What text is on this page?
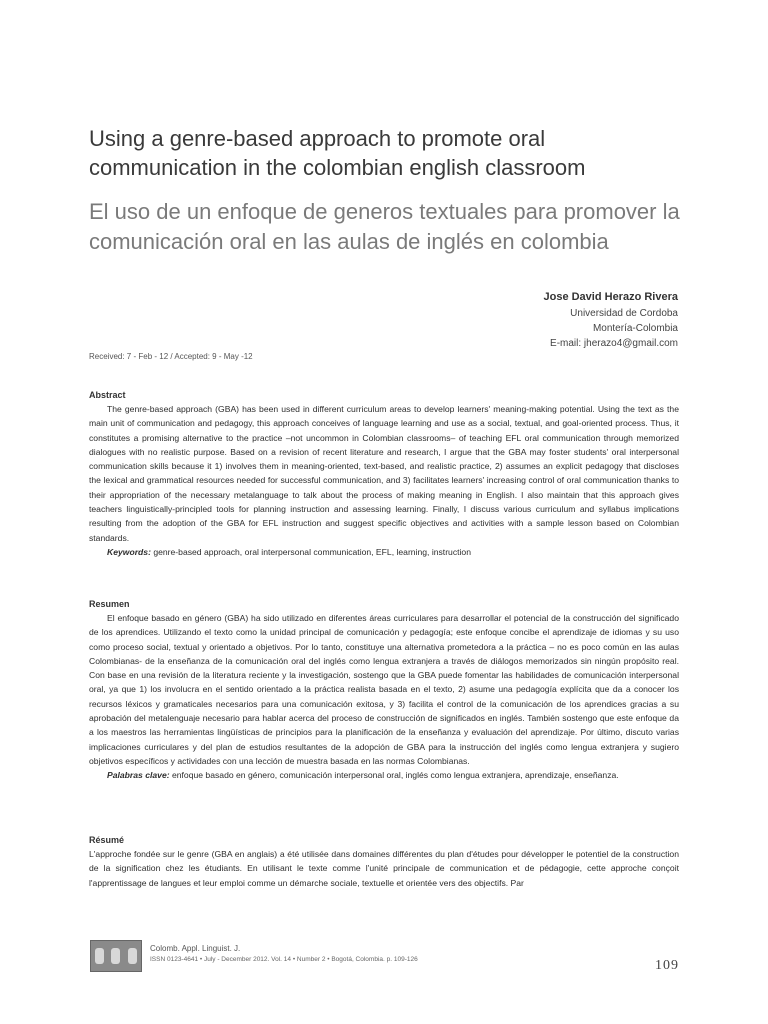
Using a genre-based approach to promote oral communication in the colombian english classroom
El uso de un enfoque de generos textuales para promover la comunicación oral en las aulas de inglés en colombia
Jose David Herazo Rivera
Universidad de Cordoba
Montería-Colombia
E-mail: jherazo4@gmail.com
Received: 7 - Feb - 12 / Accepted: 9 - May -12
Abstract

The genre-based approach (GBA) has been used in different curriculum areas to develop learners' meaning-making potential. Using the text as the main unit of communication and pedagogy, this approach conceives of language learning and use as a social, textual, and goal-oriented process. Thus, it constitutes a promising alternative to the practice –not uncommon in Colombian classrooms– of teaching EFL oral communication through memorized dialogues with no realistic purpose. Based on a revision of recent literature and research, I argue that the GBA may foster students' oral interpersonal communication skills because it 1) involves them in meaning-oriented, text-based, and realistic practice, 2) assumes an explicit pedagogy that discloses the lexical and grammatical resources needed for successful communication, and 3) facilitates learners' increasing control of oral communication thanks to their appropriation of the necessary metalanguage to talk about the process of making meaning in English. I also maintain that this approach gives teachers linguistically-principled tools for planning instruction and assessing learning. Finally, I discuss various curriculum and syllabus implications resulting from the adoption of the GBA for EFL instruction and suggest specific objectives and activities with a sample lesson based on Colombian standards.

Keywords: genre-based approach, oral interpersonal communication, EFL, learning, instruction

Resumen

El enfoque basado en género (GBA) ha sido utilizado en diferentes áreas curriculares para desarrollar el potencial de la construcción del significado de los aprendices. Utilizando el texto como la unidad principal de comunicación y pedagogía; este enfoque concibe el aprendizaje de idiomas y su uso como proceso social, textual y orientado a objetivos. Por lo tanto, constituye una alternativa prometedora a la práctica – no es poco común en las aulas Colombianas- de la enseñanza de la comunicación oral del inglés como lengua extranjera a través de diálogos memorizados sin ningún propósito real. Con base en una revisión de la literatura reciente y la investigación, sostengo que la GBA puede fomentar las habilidades de comunicación interpersonal oral, ya que 1) los involucra en el sentido orientado a la práctica realista basada en el texto, 2) asume una pedagogía explícita que da a conocer los recursos léxicos y gramaticales necesarios para una comunicación exitosa, y 3) facilita el control de la comunicación de los aprendices gracias a su aprobación del metalenguaje necesario para hablar acerca del proceso de construcción de significados en inglés. También sostengo que este enfoque da a los maestros las herramientas lingüísticas de principios para la planificación de la enseñanza y evaluación del aprendizaje. Por último, discuto varias implicaciones curriculares y del plan de estudios resultantes de la adopción de GBA para la instrucción del inglés como lengua extranjera y sugiero objetivos específicos y actividades con una lección de muestra basada en las normas Colombianas.

Palabras clave: enfoque basado en género, comunicación interpersonal oral, inglés como lengua extranjera, aprendizaje, enseñanza.

Résumé

L'approche fondée sur le genre (GBA en anglais) a été utilisée dans domaines différentes du plan d'études pour développer le potentiel de la construction de la signification chez les étudiants. En utilisant le texte comme l'unité principale de communication et de pédagogie, cette approche conçoit l'apprentissage de langues et leur emploi comme un démarche sociale, textuelle et orientée vers des objectifs. Par

Colomb. Appl. Linguist. J.
ISSN 0123-4641 • July - December 2012. Vol. 14 • Number 2 • Bogotá, Colombia. p. 109-126	109
